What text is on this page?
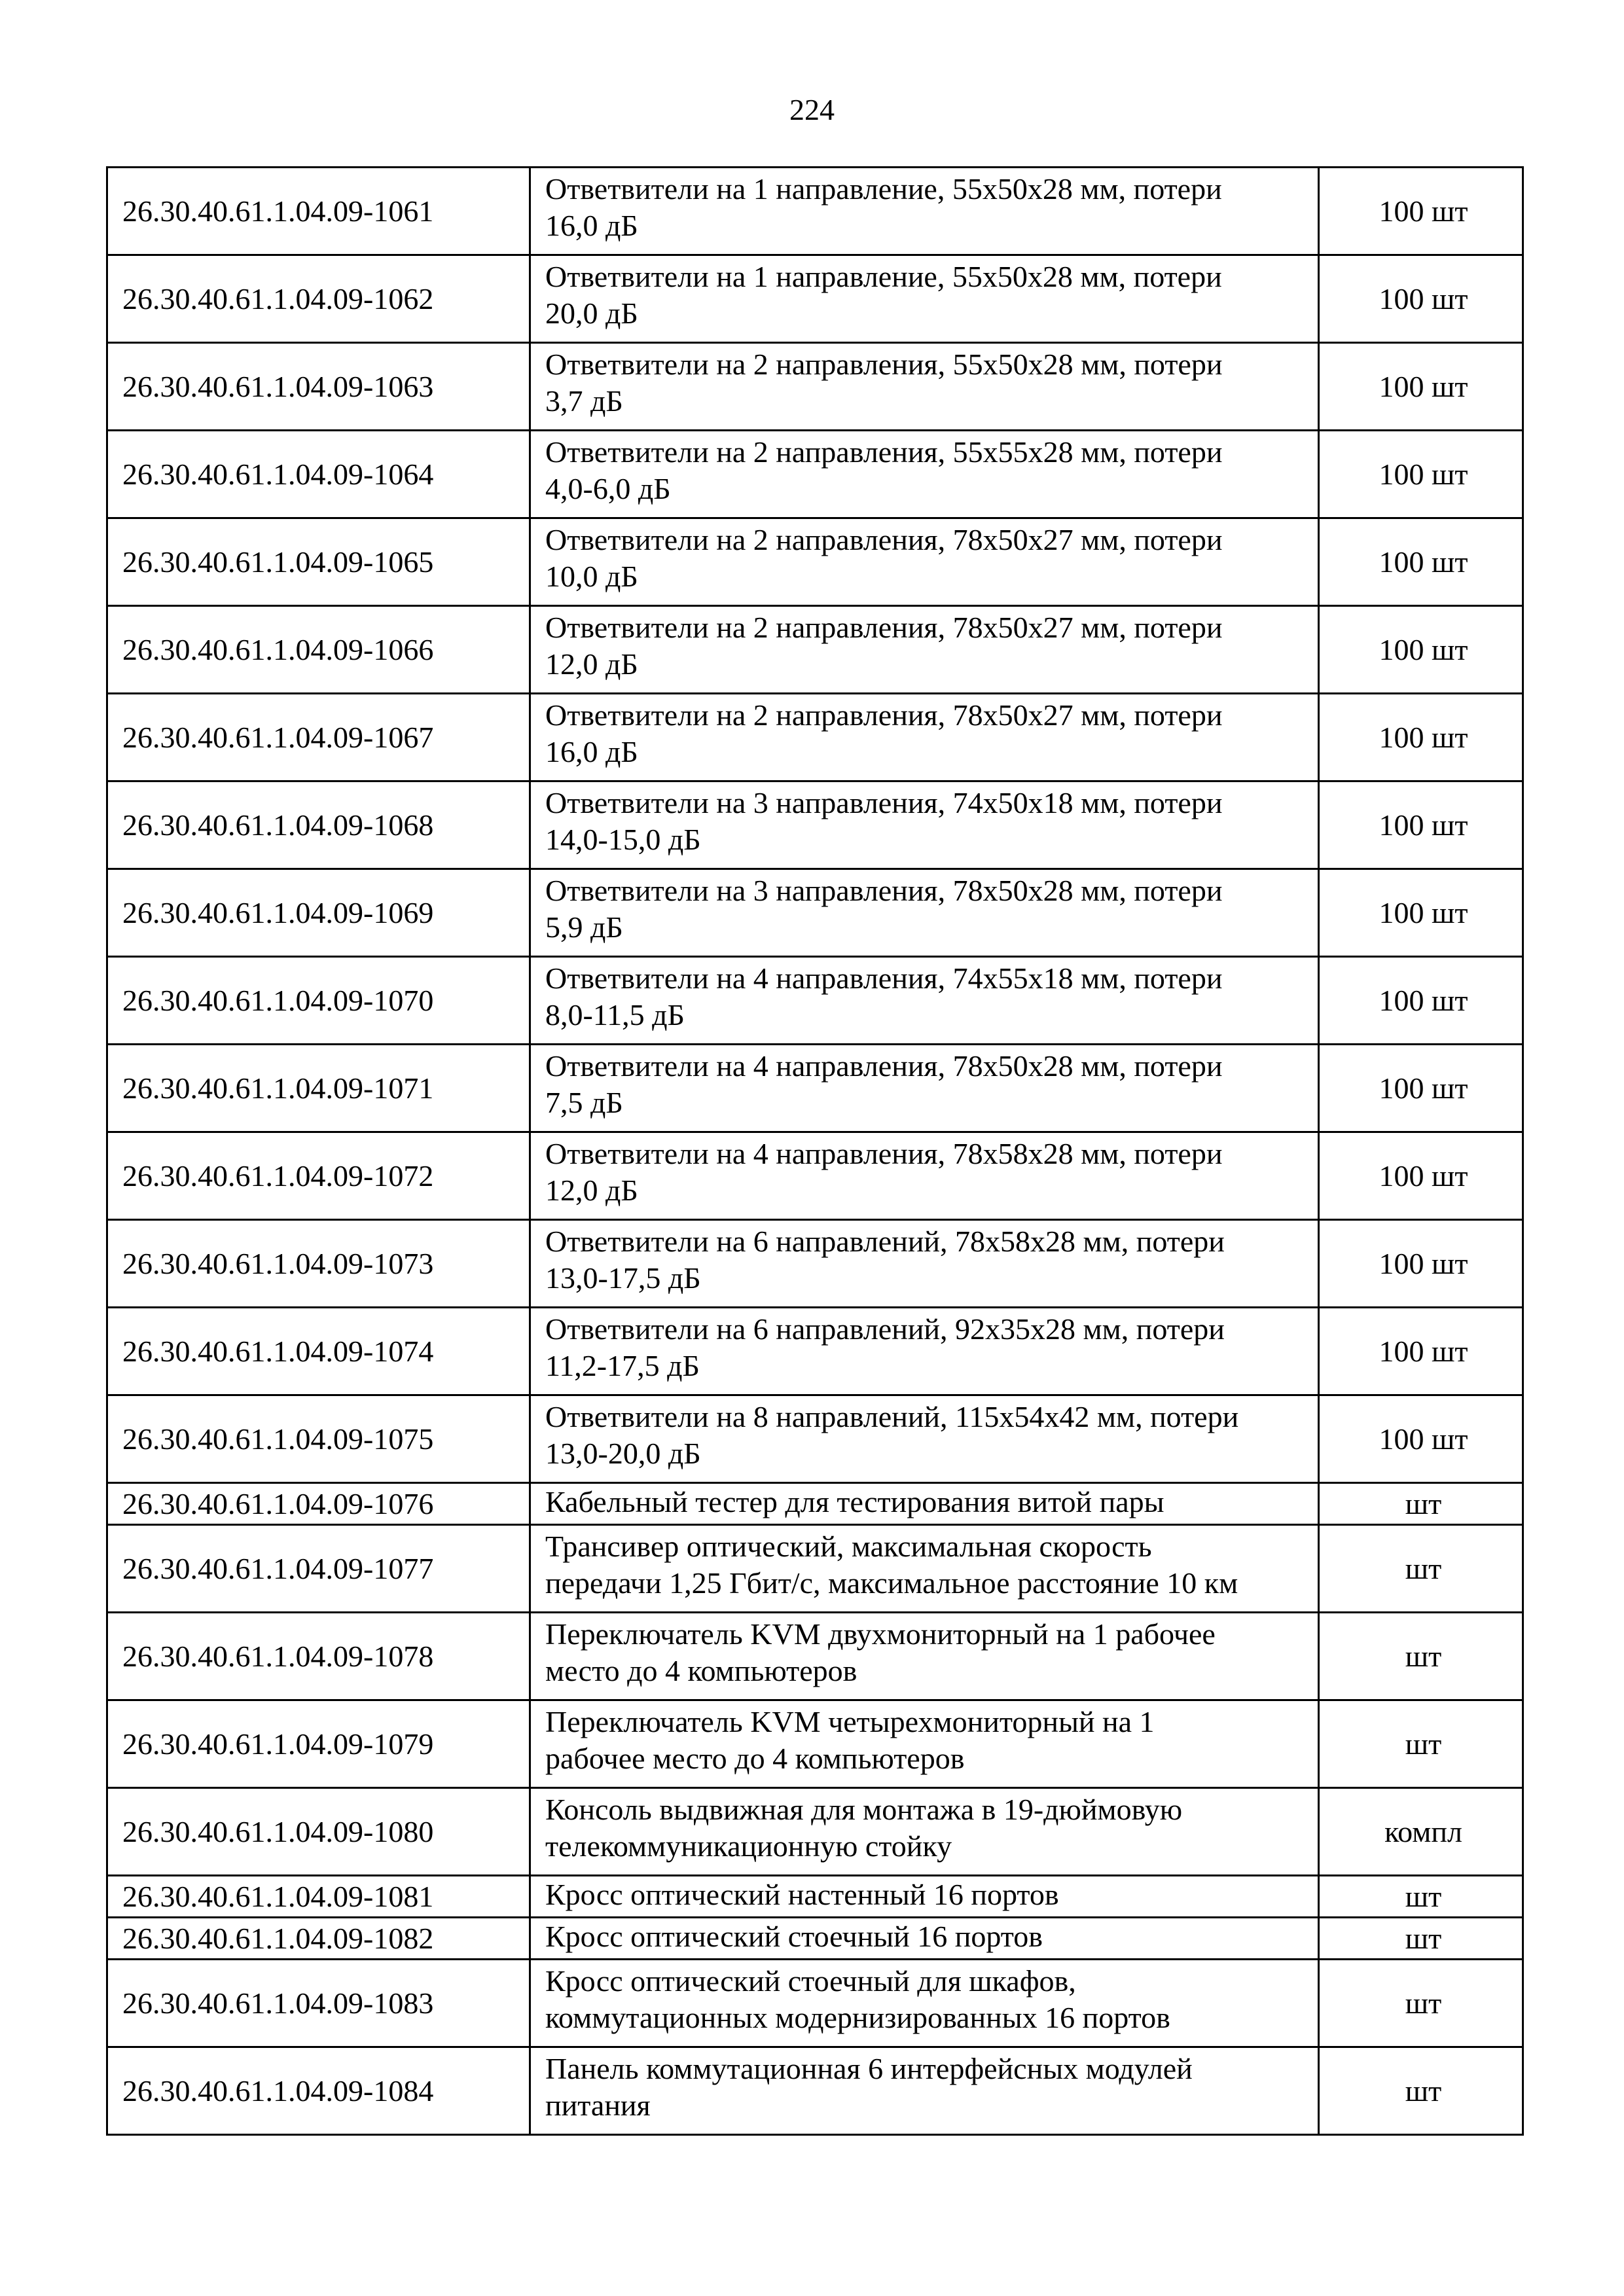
224
26.30.40.61.1.04.09-1061	Ответвители на 1 направление, 55х50х28 мм, потери
16,0 дБ	100 шт
26.30.40.61.1.04.09-1062	Ответвители на 1 направление, 55х50х28 мм, потери
20,0 дБ	100 шт
26.30.40.61.1.04.09-1063	Ответвители на 2 направления, 55х50х28 мм, потери
3,7 дБ	100 шт
26.30.40.61.1.04.09-1064	Ответвители на 2 направления, 55х55х28 мм, потери
4,0-6,0 дБ	100 шт
26.30.40.61.1.04.09-1065	Ответвители на 2 направления, 78х50х27 мм, потери
10,0 дБ	100 шт
26.30.40.61.1.04.09-1066	Ответвители на 2 направления, 78х50х27 мм, потери
12,0 дБ	100 шт
26.30.40.61.1.04.09-1067	Ответвители на 2 направления, 78х50х27 мм, потери
16,0 дБ	100 шт
26.30.40.61.1.04.09-1068	Ответвители на 3 направления, 74х50х18 мм, потери
14,0-15,0 дБ	100 шт
26.30.40.61.1.04.09-1069	Ответвители на 3 направления, 78х50х28 мм, потери
5,9 дБ	100 шт
26.30.40.61.1.04.09-1070	Ответвители на 4 направления, 74х55х18 мм, потери
8,0-11,5 дБ	100 шт
26.30.40.61.1.04.09-1071	Ответвители на 4 направления, 78х50х28 мм, потери
7,5 дБ	100 шт
26.30.40.61.1.04.09-1072	Ответвители на 4 направления, 78х58х28 мм, потери
12,0 дБ	100 шт
26.30.40.61.1.04.09-1073	Ответвители на 6 направлений, 78х58х28 мм, потери
13,0-17,5 дБ	100 шт
26.30.40.61.1.04.09-1074	Ответвители на 6 направлений, 92х35х28 мм, потери
11,2-17,5 дБ	100 шт
26.30.40.61.1.04.09-1075	Ответвители на 8 направлений, 115х54х42 мм, потери
13,0-20,0 дБ	100 шт
26.30.40.61.1.04.09-1076	Кабельный тестер для тестирования витой пары	шт
26.30.40.61.1.04.09-1077	Трансивер оптический, максимальная скорость
передачи 1,25 Гбит/с, максимальное расстояние 10 км	шт
26.30.40.61.1.04.09-1078	Переключатель KVM двухмониторный на 1 рабочее
место до 4 компьютеров	шт
26.30.40.61.1.04.09-1079	Переключатель KVM четырехмониторный на 1
рабочее место до 4 компьютеров	шт
26.30.40.61.1.04.09-1080	Консоль выдвижная для монтажа в 19-дюймовую
телекоммуникационную стойку	компл
26.30.40.61.1.04.09-1081	Кросс оптический настенный 16 портов	шт
26.30.40.61.1.04.09-1082	Кросс оптический стоечный 16 портов	шт
26.30.40.61.1.04.09-1083	Кросс оптический стоечный для шкафов,
коммутационных модернизированных 16 портов	шт
26.30.40.61.1.04.09-1084	Панель коммутационная 6 интерфейсных модулей
питания	шт
